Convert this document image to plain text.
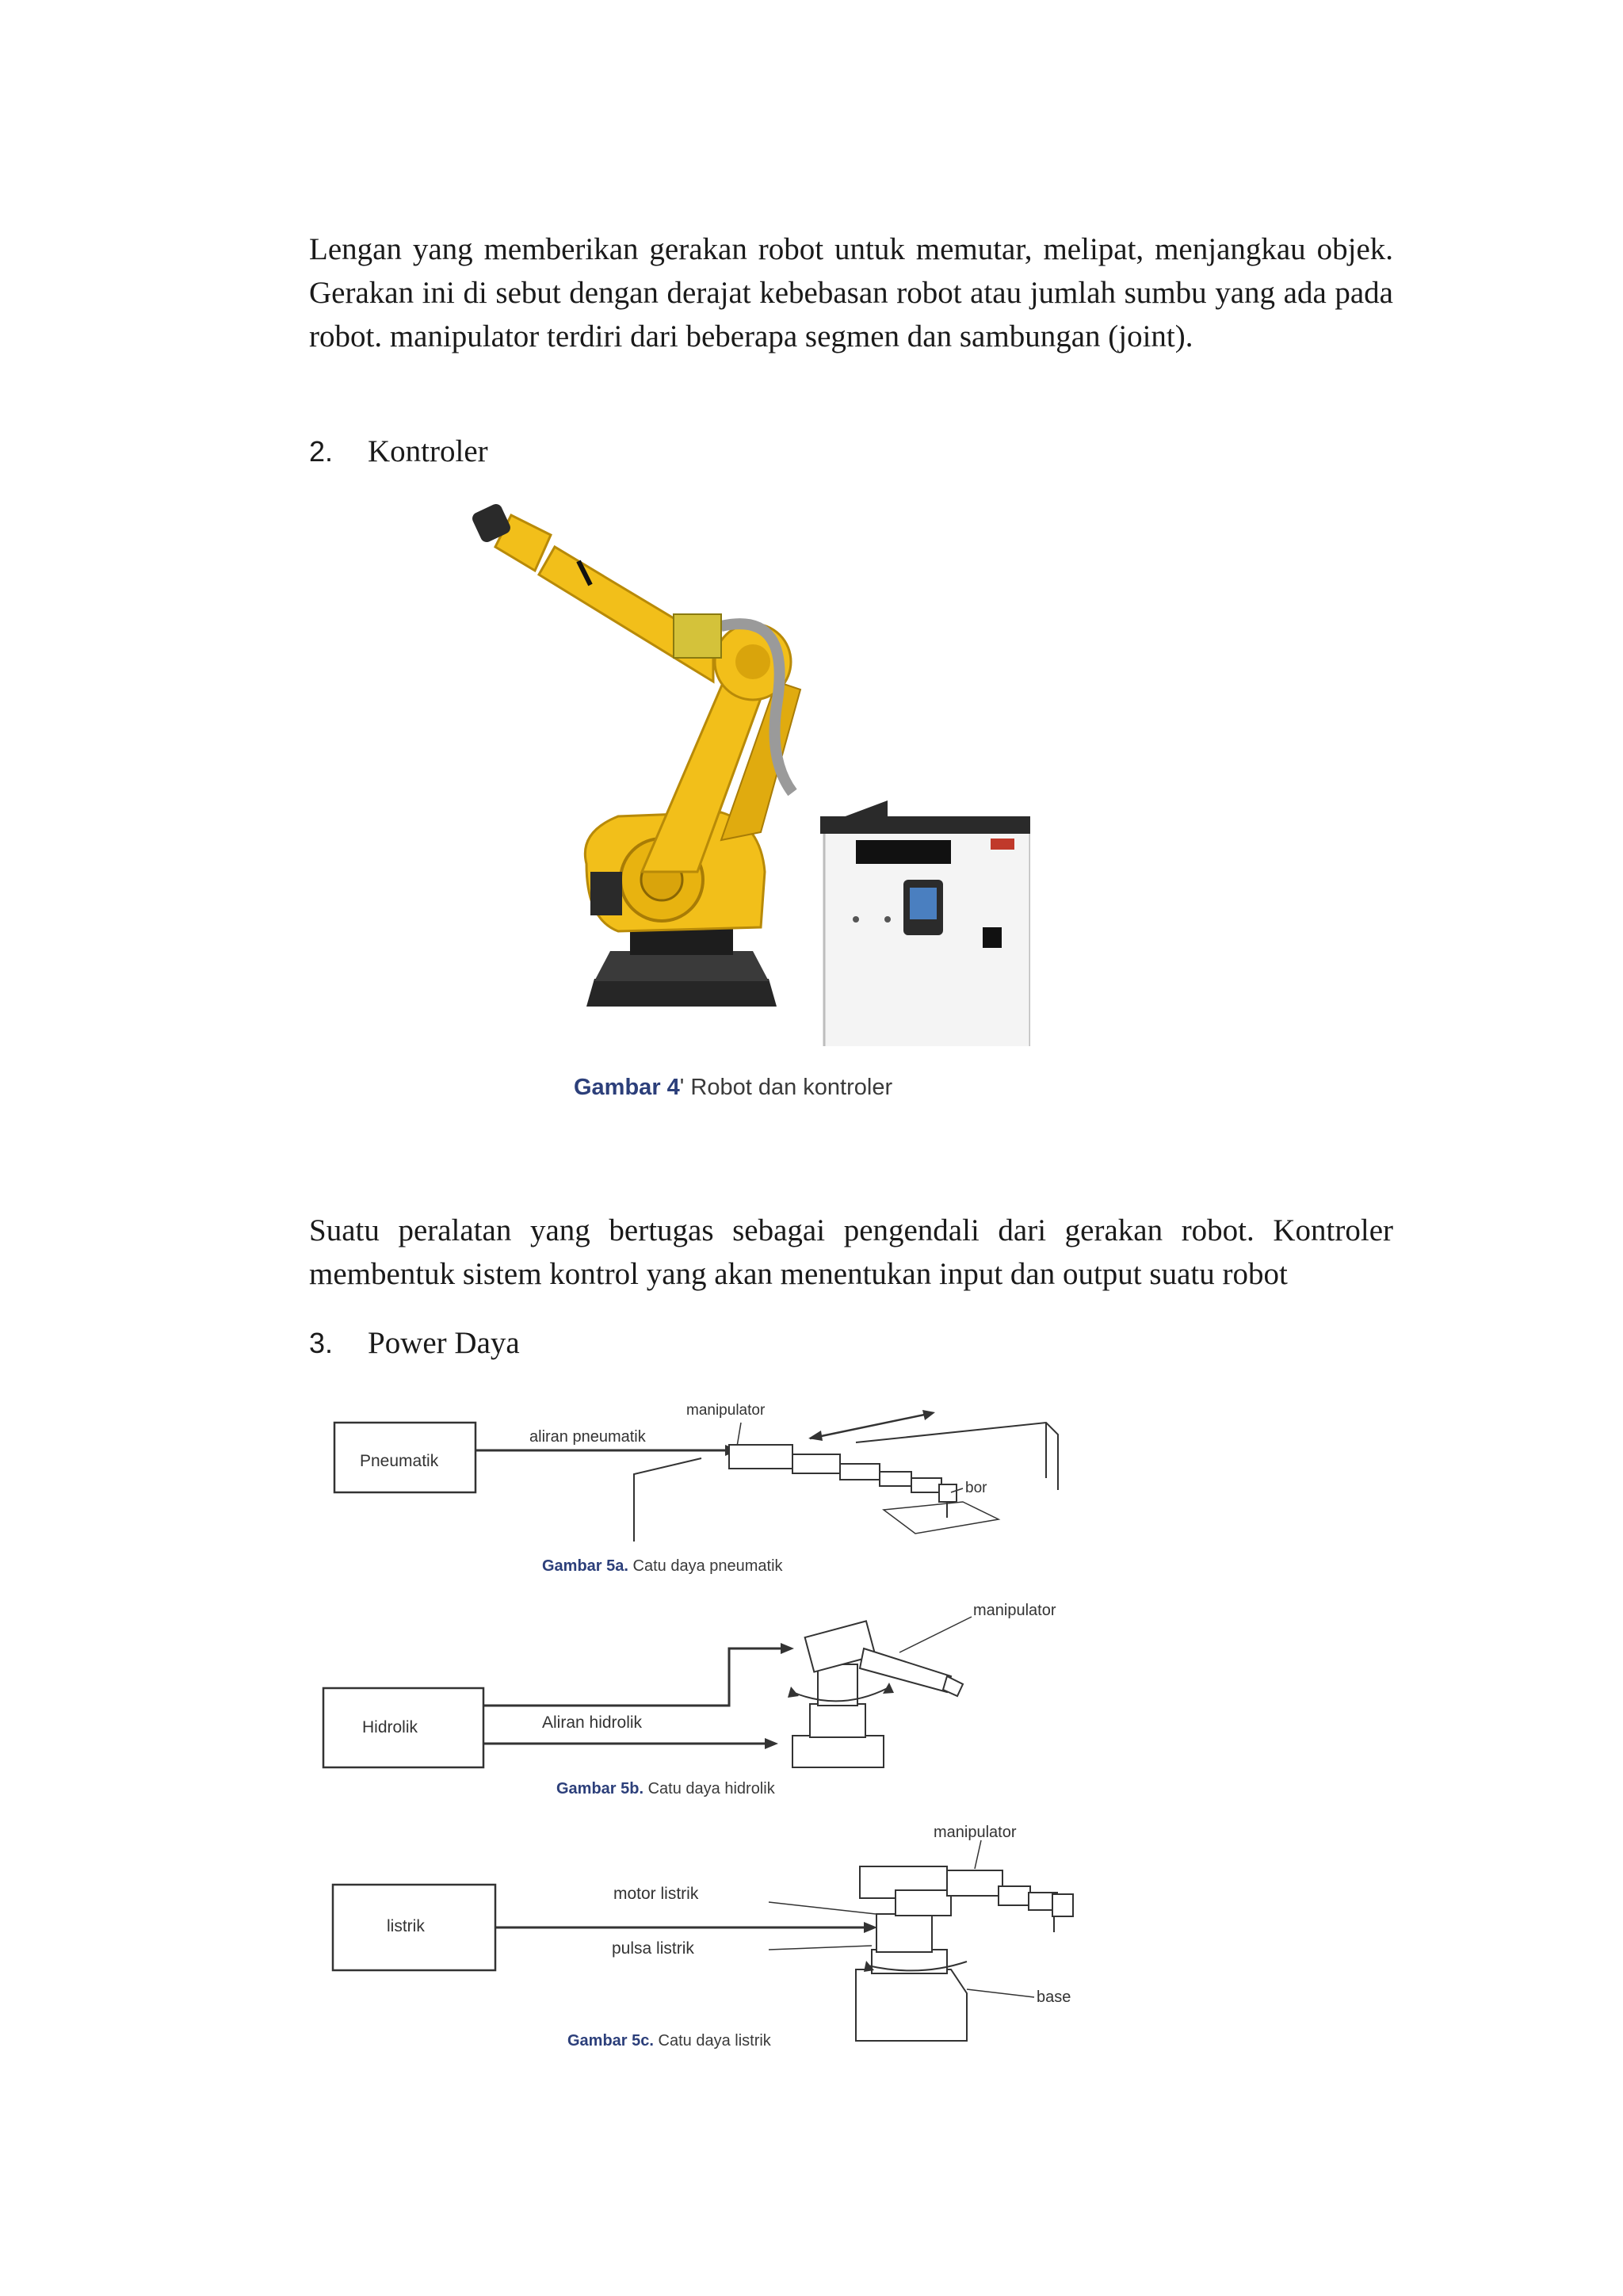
Lengan yang memberikan gerakan robot untuk memutar, melipat, menjangkau objek. Gerakan ini di sebut dengan derajat kebebasan robot atau jumlah sumbu yang ada pada robot. manipulator terdiri dari beberapa segmen dan sambungan (joint).

2. Kontroler
Gambar 4' Robot dan kontroler

Suatu peralatan yang bertugas sebagai pengendali dari gerakan robot. Kontroler membentuk sistem kontrol yang akan menentukan input dan output suatu robot

3. Power Daya
Pneumatik
aliran pneumatik
manipulator
bor
Gambar 5a. Catu daya pneumatik
Hidrolik	Aliran hidrolik
manipulator
Gambar 5b. Catu daya hidrolik
listrik
motor listrik
pulsa listrik
manipulator
base
Gambar 5c. Catu daya listrik
